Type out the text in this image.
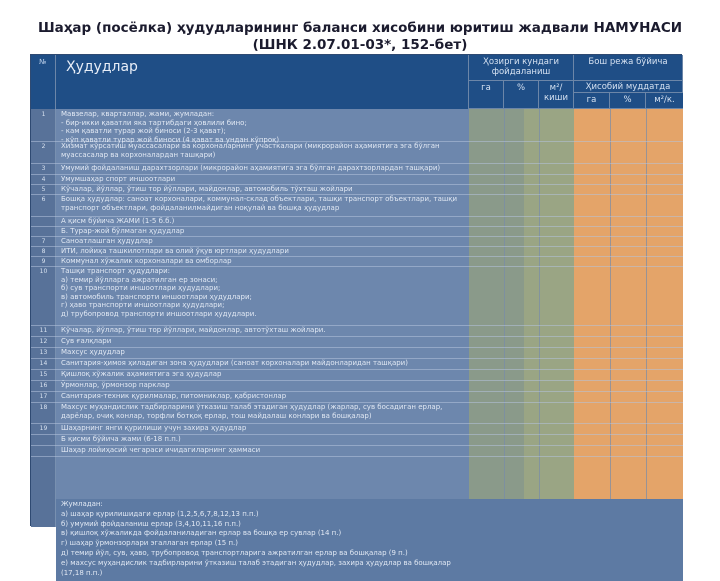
Шаҳар (посёлка) ҳудудларининг баланси хисобини юритиш жадвали НАМУНАСИ
(ШНК 2.07.01-03*, 152-бет)
№ Ҳудудлар	Ҳозирги кундаги фойдаланиш
Бош режа бўйича
га	%	м²/ киши
Ҳисобий муддатда
га	%	м²/к.
1	Мавзелар, кварталлар, жами, жумладан:
- бир-икки қаватли яка тартибдаги ҳовлили бино;
- кам қаватли турар жой биноси (2-3 қават);
- кўп қаватли турар жой биноси (4 қават ва ундан кўпроқ)
2	Хизмат кўрсатиш муассасалари ва корхоналарнинг участкалари (микрорайон аҳамиятига эга бўлган муассасалар ва корхоналардан ташқари)
3	Умумий фойдаланиш дарахтзорлари (микрорайон аҳамиятига эга бўлган дарахтзорлардан ташқари)
4	Умумшаҳар спорт иншоотлари
5	Кўчалар, йўллар, ўтиш тор йўллари, майдонлар, автомобиль тўхташ жойлари
6	Бошқа ҳудудлар: саноат корхоналари, коммунал-склад объектлари, ташқи транспорт объектлари, ташқи транспорт объектлари, фойдаланилмайдиган ноқулай ва бошқа ҳудудлар
А қисм бўйича ЖАМИ (1-5 б.б.)
Б. Турар-жой бўлмаган ҳудудлар
7	Саноатлашган ҳудудлар
8	ИТИ, лойиҳа ташкилотлари ва олий ўқув юртлари ҳудудлари
9	Коммунал хўжалик корхоналари ва омборлар
10	Ташқи транспорт ҳудудлари:
а) темир йўлларга ажратилган ер зонаси;
б) сув транспорти иншоотлари ҳудудлари;
в) автомобиль транспорти иншоотлари ҳудудлари;
г) ҳаво транспорти иншоотлари ҳудудлари;
д) трубопровод транспорти иншоотлари ҳудудлари.
11	Кўчалар, йўллар, ўтиш тор йўллари, майдонлар, автотўхташ жойлари.
12	Сув ғалқлари
13	Махсус ҳудудлар
14	Санитария-ҳимоя ҳиладиган зона ҳудудлари (саноат корхоналари майдонларидан ташқари)
15	Қишлоқ хўжалик аҳамиятига эга ҳудудлар
16	Ўрмонлар, ўрмонзор парклар
17	Санитария-техник қурилмалар, питомниклар, қабристонлар
18	Махсус муҳандислик тадбирларини ўтказиш талаб этадиган ҳудудлар (жарлар, сув босадиган ерлар, дарёлар, очиқ конлар, торфли ботқоқ ерлар, тош майдалаш конлари ва бошқалар)
19	Шаҳарнинг янги қурилиши учун захира ҳудудлар
Б қисми бўйича жами (6-18 п.п.)
Шаҳар лойиҳасий чегараси ичидагиларнинг ҳаммаси
Жумладан:
а) шаҳар қурилишидаги ерлар (1,2,5,6,7,8,12,13 п.п.)
б) умумий фойдаланиш ерлар (3,4,10,11,16 п.п.)
в) қишлоқ хўжаликда фойдаланиладиган ерлар ва бошқа ер сувлар (14 п.)
г) шаҳар ўрмонзорлари эгаллаган ерлар (15 п.)
д) темир йўл, сув, ҳаво, трубопровод транспортларига ажратилган ерлар ва бошқалар (9 п.)
е) махсус муҳандислик тадбирларини ўтказиш талаб этадиган ҳудудлар, захира ҳудудлар ва бошқалар (17,18 п.п.)
